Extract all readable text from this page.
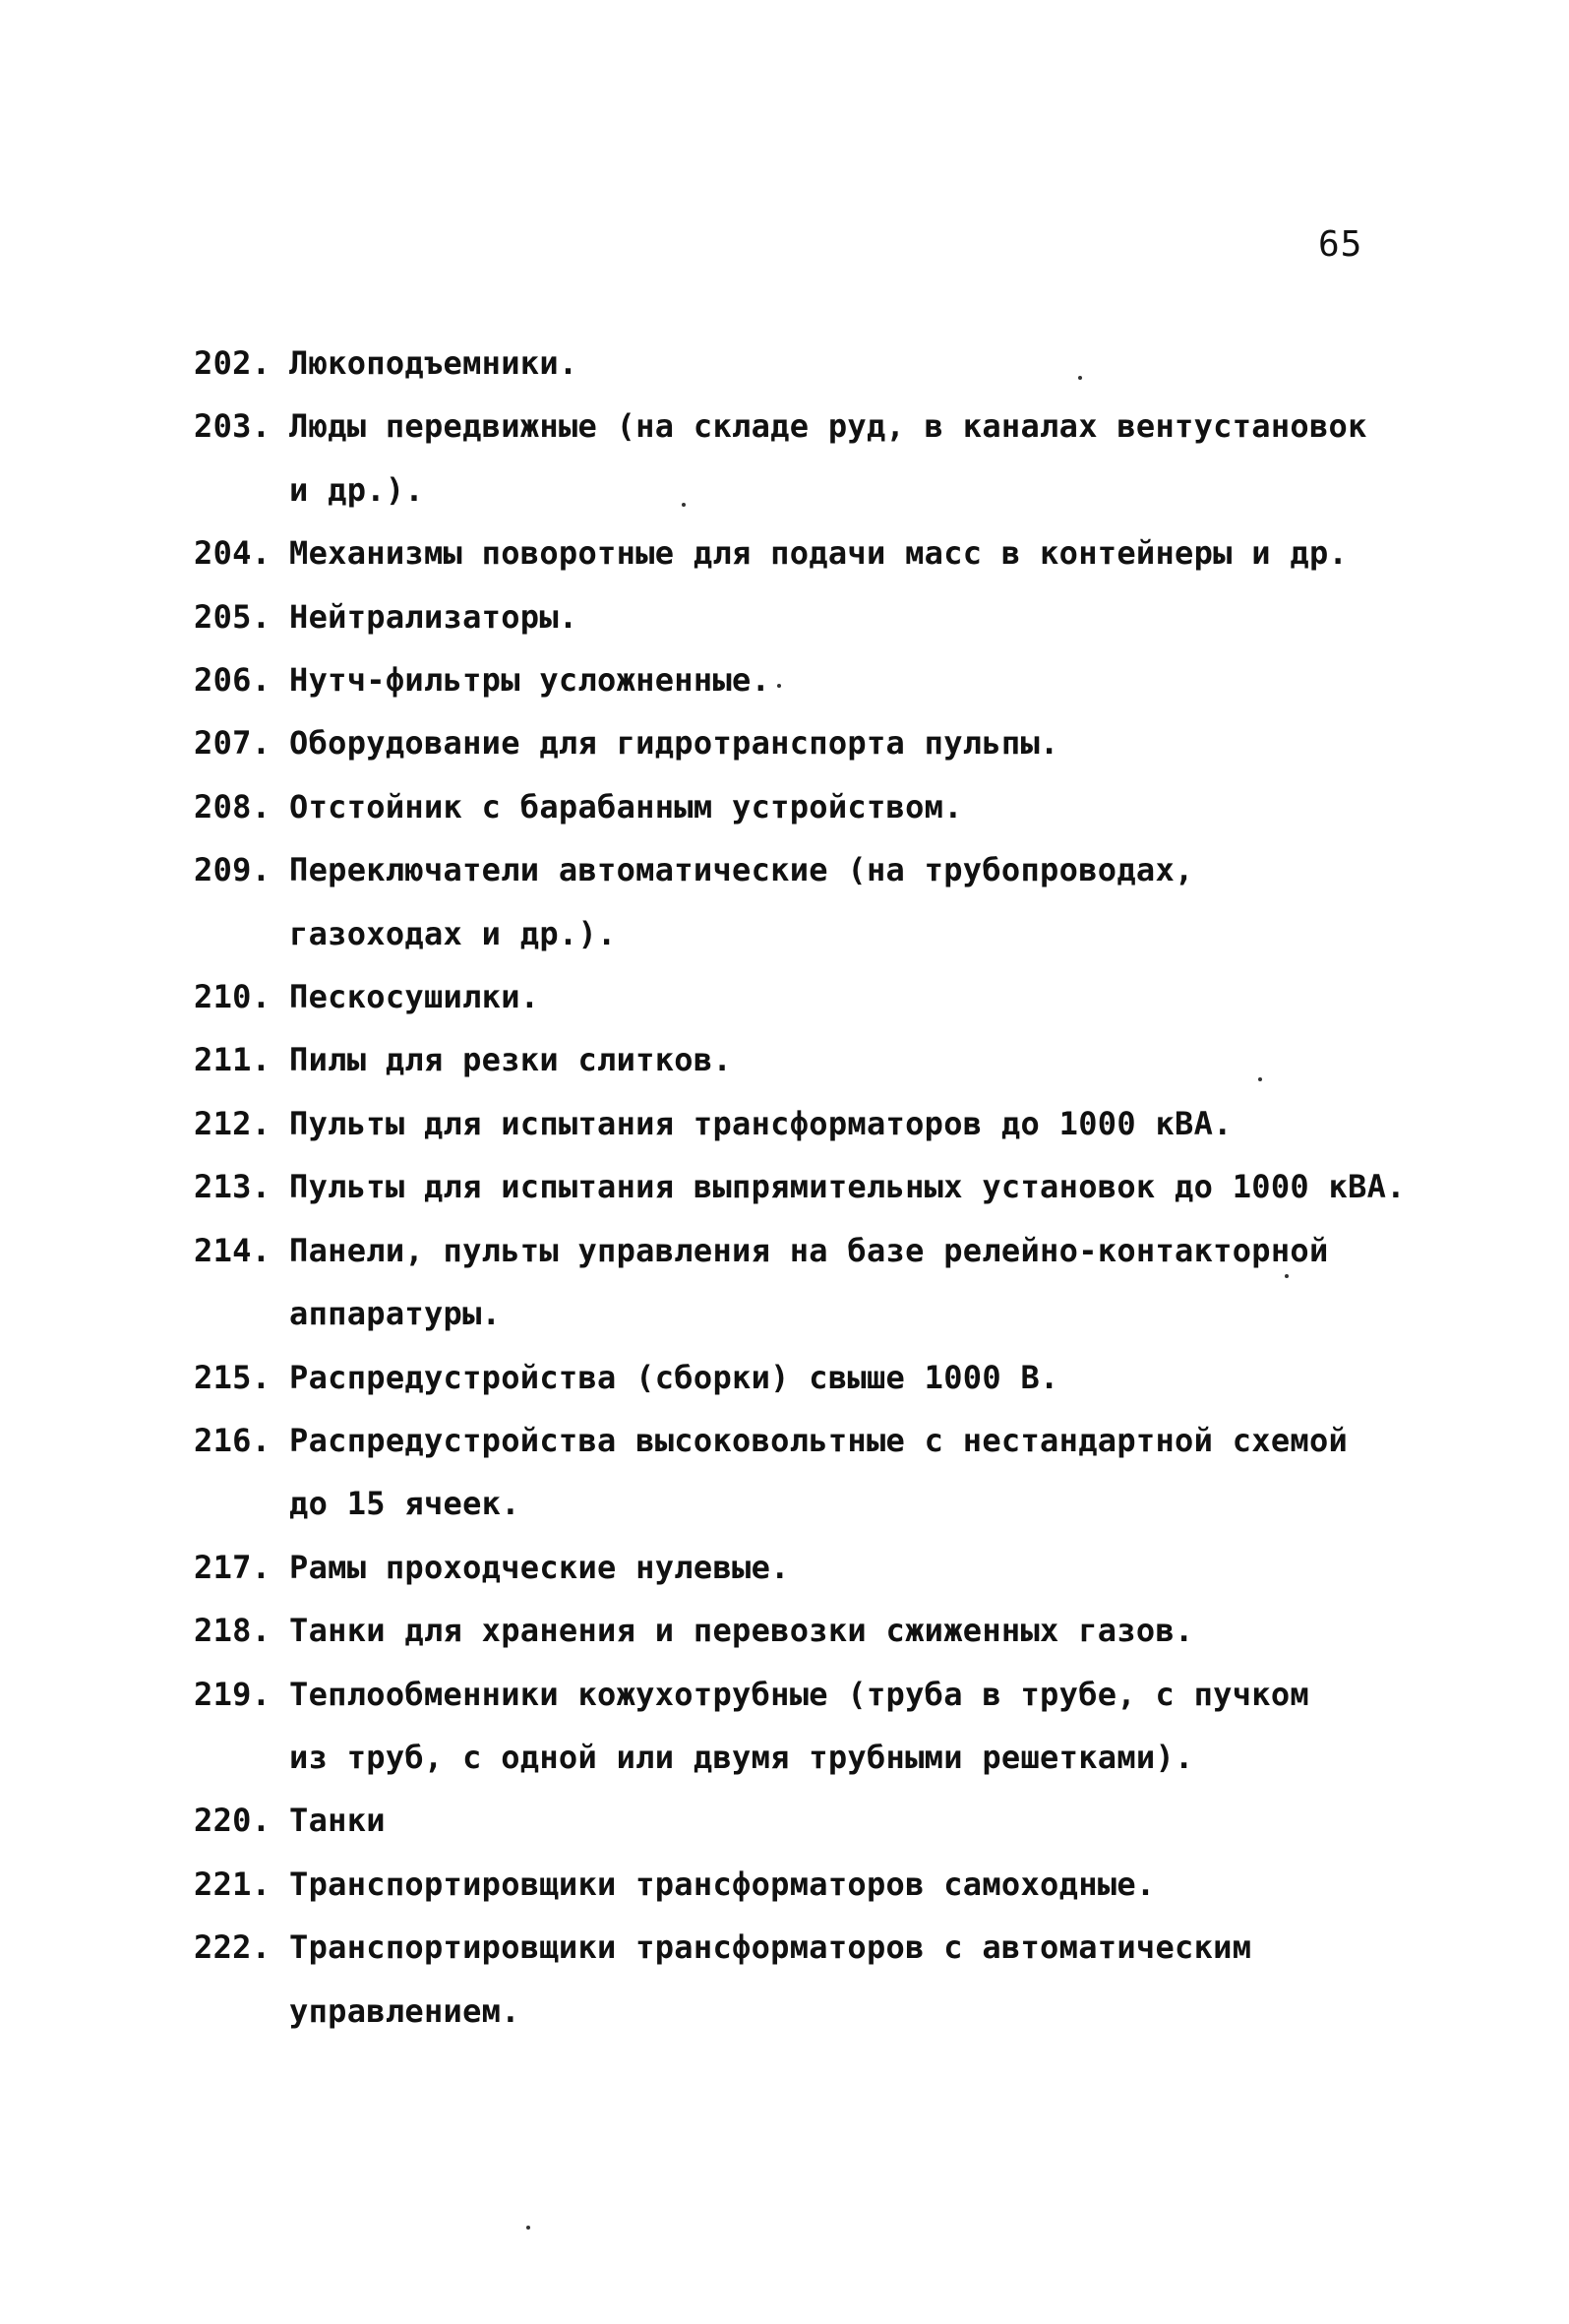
65
202. Люкоподъемники.
203. Люды передвижные (на складе руд, в каналах вентустановок
и др.).
204. Механизмы поворотные для подачи масс в контейнеры и др.
205. Нейтрализаторы.
206. Нутч-фильтры усложненные.
207. Оборудование для гидротранспорта пульпы.
208. Отстойник с барабанным устройством.
209. Переключатели автоматические (на трубопроводах,
газоходах и др.).
210. Пескосушилки.
211. Пилы для резки слитков.
212. Пульты для испытания трансформаторов до 1000 кВА.
213. Пульты для испытания выпрямительных установок до 1000 кВА.
214. Панели, пульты управления на базе релейно-контакторной
аппаратуры.
215. Распредустройства (сборки) свыше 1000 В.
216. Распредустройства высоковольтные с нестандартной схемой
до 15 ячеек.
217. Рамы проходческие нулевые.
218. Танки для хранения и перевозки сжиженных газов.
219. Теплообменники кожухотрубные (труба в трубе, с пучком
из труб, с одной или двумя трубными решетками).
220. Танки
221. Транспортировщики трансформаторов самоходные.
222. Транспортировщики трансформаторов с автоматическим
управлением.
